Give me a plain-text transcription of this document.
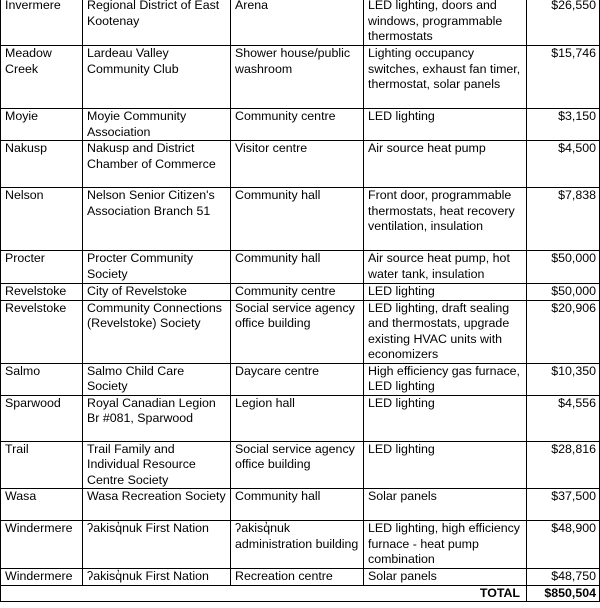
Invermere	Regional District of East Kootenay	Arena	LED lighting, doors and windows, programmable thermostats	$26,550
Meadow Creek	Lardeau Valley Community Club	Shower house/public washroom	Lighting occupancy switches, exhaust fan timer, thermostat, solar panels	$15,746
Moyie	Moyie Community Association	Community centre	LED lighting	$3,150
Nakusp	Nakusp and District Chamber of Commerce	Visitor centre	Air source heat pump	$4,500
Nelson	Nelson Senior Citizen's Association Branch 51	Community hall	Front door, programmable thermostats, heat recovery ventilation, insulation	$7,838
Procter	Procter Community Society	Community hall	Air source heat pump, hot water tank, insulation	$50,000
Revelstoke	City of Revelstoke	Community centre	LED lighting	$50,000
Revelstoke	Community Connections (Revelstoke) Society	Social service agency office building	LED lighting, draft sealing and thermostats, upgrade existing HVAC units with economizers	$20,906
Salmo	Salmo Child Care Society	Daycare centre	High efficiency gas furnace, LED lighting	$10,350
Sparwood	Royal Canadian Legion Br #081, Sparwood	Legion hall	LED lighting	$4,556
Trail	Trail Family and Individual Resource Centre Society	Social service agency office building	LED lighting	$28,816
Wasa	Wasa Recreation Society	Community hall	Solar panels	$37,500
Windermere	ʔakisq̓nuk First Nation	ʔakisq̓nuk administration building	LED lighting, high efficiency furnace - heat pump combination	$48,900
Windermere	ʔakisq̓nuk First Nation	Recreation centre	Solar panels	$48,750
			TOTAL	$850,504
